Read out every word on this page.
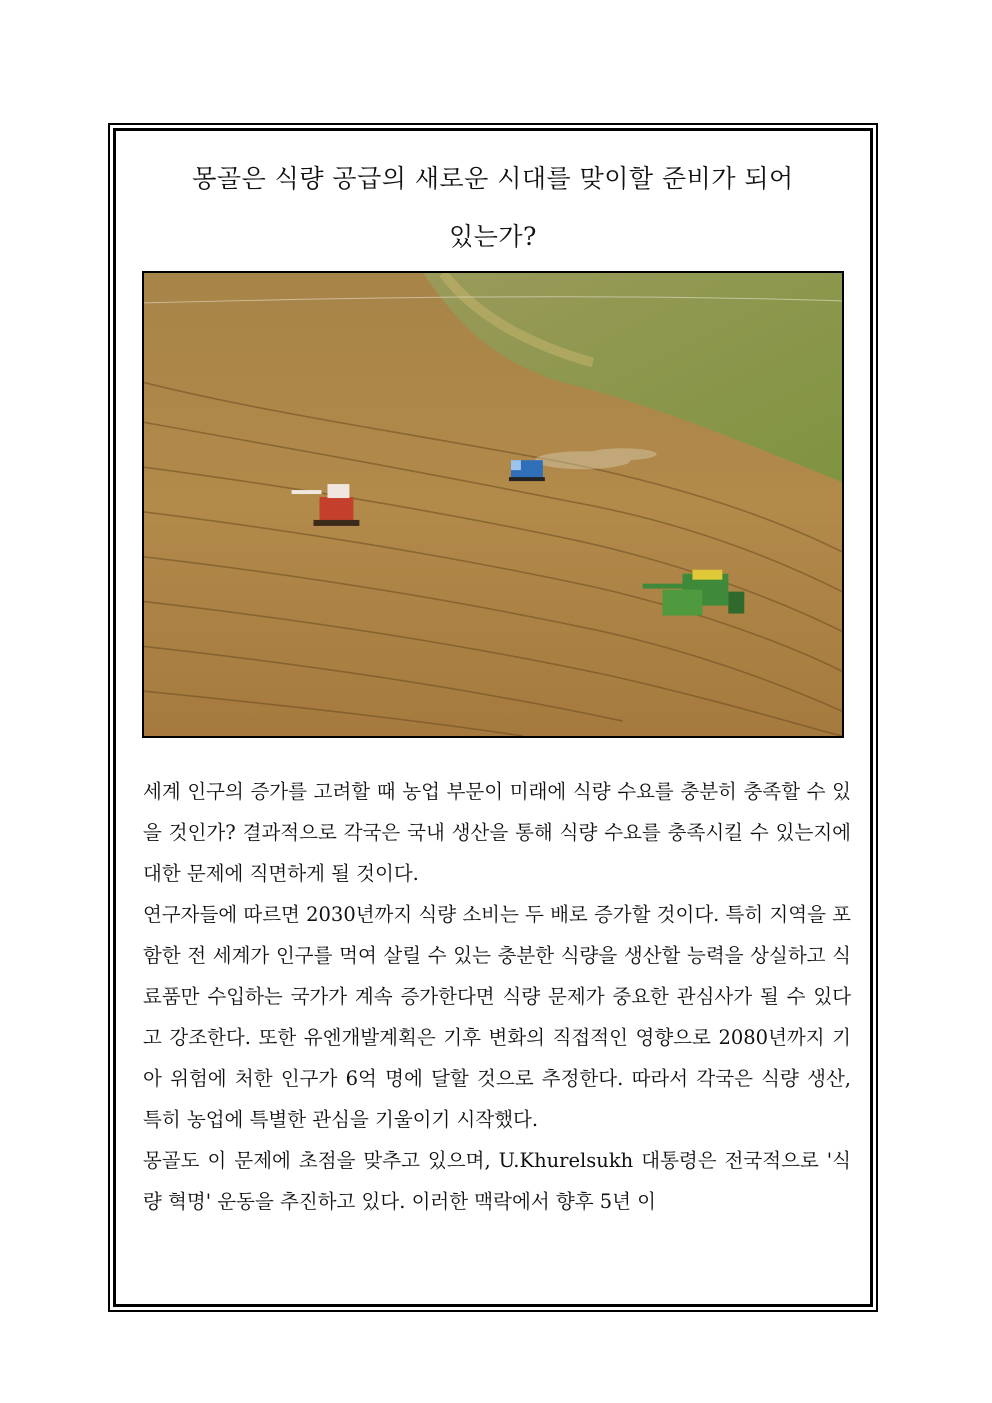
몽골은 식량 공급의 새로운 시대를 맞이할 준비가 되어
있는가?

세계 인구의 증가를 고려할 때 농업 부문이 미래에 식량 수요를 충분히 충족할 수 있을 것인가? 결과적으로 각국은 국내 생산을 통해 식량 수요를 충족시킬 수 있는지에 대한 문제에 직면하게 될 것이다.

연구자들에 따르면 2030년까지 식량 소비는 두 배로 증가할 것이다. 특히 지역을 포함한 전 세계가 인구를 먹여 살릴 수 있는 충분한 식량을 생산할 능력을 상실하고 식료품만 수입하는 국가가 계속 증가한다면 식량 문제가 중요한 관심사가 될 수 있다고 강조한다. 또한 유엔개발계획은 기후 변화의 직접적인 영향으로 2080년까지 기아 위험에 처한 인구가 6억 명에 달할 것으로 추정한다. 따라서 각국은 식량 생산, 특히 농업에 특별한 관심을 기울이기 시작했다.

몽골도 이 문제에 초점을 맞추고 있으며, U.Khurelsukh 대통령은 전국적으로 '식량 혁명' 운동을 추진하고 있다. 이러한 맥락에서 향후 5년 이
